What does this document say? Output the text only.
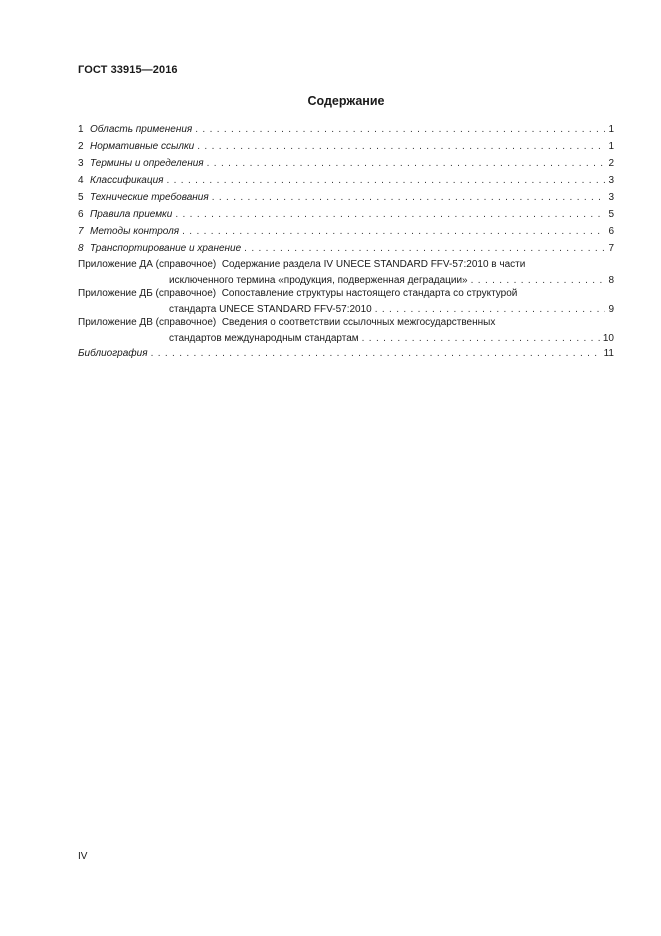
ГОСТ 33915—2016
Содержание
1 Область применения . . .	1
2 Нормативные ссылки . . .	1
3 Термины и определения . . .	2
4 Классификация . . .	3
5 Технические требования . . .	3
6 Правила приемки . . .	5
7 Методы контроля . . .	6
8 Транспортирование и хранение . . .	7
Приложение ДА (справочное) Содержание раздела IV UNECE STANDARD FFV-57:2010 в части
исключенного термина «продукция, подверженная деградации» . . .	8
Приложение ДБ (справочное) Сопоставление структуры настоящего стандарта со структурой
стандарта UNECE STANDARD FFV-57:2010 . . .	9
Приложение ДВ (справочное) Сведения о соответствии ссылочных межгосударственных
стандартов международным стандартам . . .	10
Библиография . . .	11
IV
